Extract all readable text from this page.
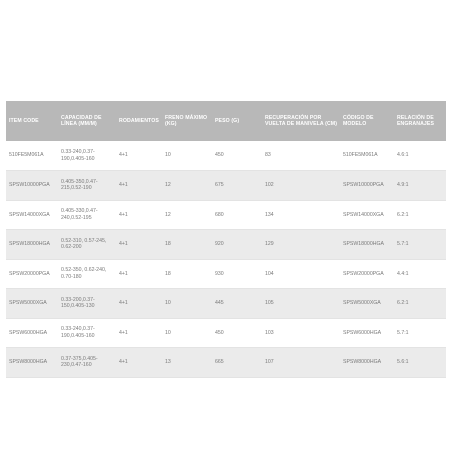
ITEM CODE	CAPACIDAD DE LÍNEA (MM/M)	RODAMIENTOS	FRENO MÁXIMO (KG)	PESO (G)	RECUPERACIÓN POR VUELTA DE MANIVELA (CM)	CÓDIGO DE MODELO	RELACIÓN DE ENGRANAJES
510FE5M061A	0.33-240,0.37-190,0.405-160	4+1	10	450	83	510FE5M061A	4.6:1
SPSW10000PGA	0.405-350,0.47-215,0.52-190	4+1	12	675	102	SPSW10000PGA	4.9:1
SPSW14000XGA	0.405-330,0.47-240,0.52-195	4+1	12	680	134	SPSW14000XGA	6.2:1
SPSW18000HGA	0.52-310, 0.57-245, 0.62-200	4+1	18	920	129	SPSW18000HGA	5.7:1
SPSW20000PGA	0.52-350, 0.62-240, 0.70-180	4+1	18	930	104	SPSW20000PGA	4.4:1
SPSW5000XGA	0.33-200,0.37-150,0.405-130	4+1	10	445	105	SPSW5000XGA	6.2:1
SPSW6000HGA	0.33-240,0.37-190,0.405-160	4+1	10	450	103	SPSW6000HGA	5.7:1
SPSW8000HGA	0.37-375,0.405-230,0.47-160	4+1	13	665	107	SPSW8000HGA	5.6:1
